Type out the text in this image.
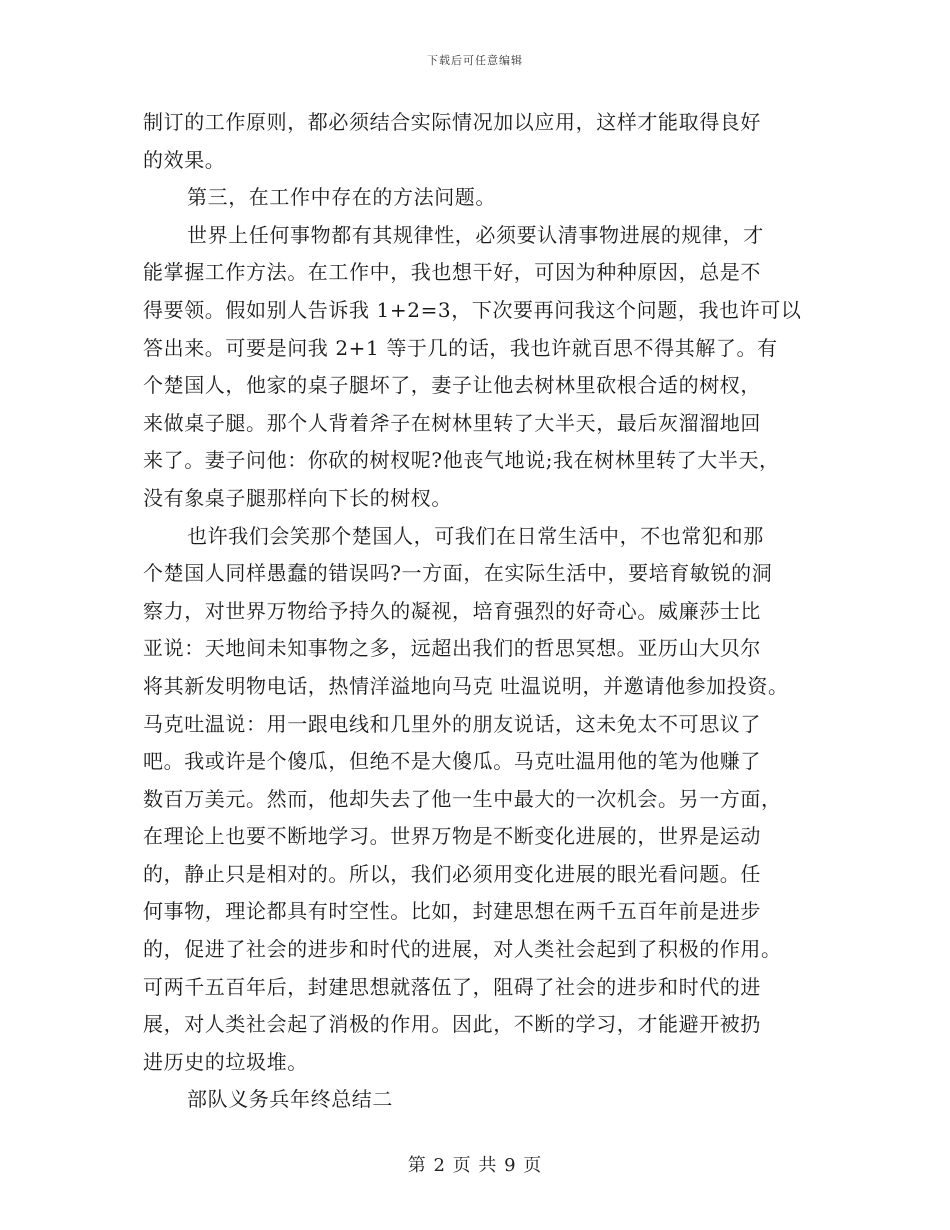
下载后可任意编辑
制订的工作原则，都必须结合实际情况加以应用，这样才能取得良好
的效果。
第三，在工作中存在的方法问题。
世界上任何事物都有其规律性，必须要认清事物进展的规律，才
能掌握工作方法。在工作中，我也想干好，可因为种种原因，总是不
得要领。假如别人告诉我 1+2=3，下次要再问我这个问题，我也许可以
答出来。可要是问我 2+1 等于几的话，我也许就百思不得其解了。有
个楚国人，他家的桌子腿坏了，妻子让他去树林里砍根合适的树杈，
来做桌子腿。那个人背着斧子在树林里转了大半天，最后灰溜溜地回
来了。妻子问他：你砍的树杈呢?他丧气地说;我在树林里转了大半天，
没有象桌子腿那样向下长的树杈。
也许我们会笑那个楚国人，可我们在日常生活中，不也常犯和那
个楚国人同样愚蠢的错误吗?一方面，在实际生活中，要培育敏锐的洞
察力，对世界万物给予持久的凝视，培育强烈的好奇心。威廉莎士比
亚说：天地间未知事物之多，远超出我们的哲思冥想。亚历山大贝尔
将其新发明物电话，热情洋溢地向马克 吐温说明，并邀请他参加投资。
马克吐温说：用一跟电线和几里外的朋友说话，这未免太不可思议了
吧。我或许是个傻瓜，但绝不是大傻瓜。马克吐温用他的笔为他赚了
数百万美元。然而，他却失去了他一生中最大的一次机会。另一方面，
在理论上也要不断地学习。世界万物是不断变化进展的，世界是运动
的，静止只是相对的。所以，我们必须用变化进展的眼光看问题。任
何事物，理论都具有时空性。比如，封建思想在两千五百年前是进步
的，促进了社会的进步和时代的进展，对人类社会起到了积极的作用。
可两千五百年后，封建思想就落伍了，阻碍了社会的进步和时代的进
展，对人类社会起了消极的作用。因此，不断的学习，才能避开被扔
进历史的垃圾堆。
部队义务兵年终总结二
第 2 页 共 9 页
